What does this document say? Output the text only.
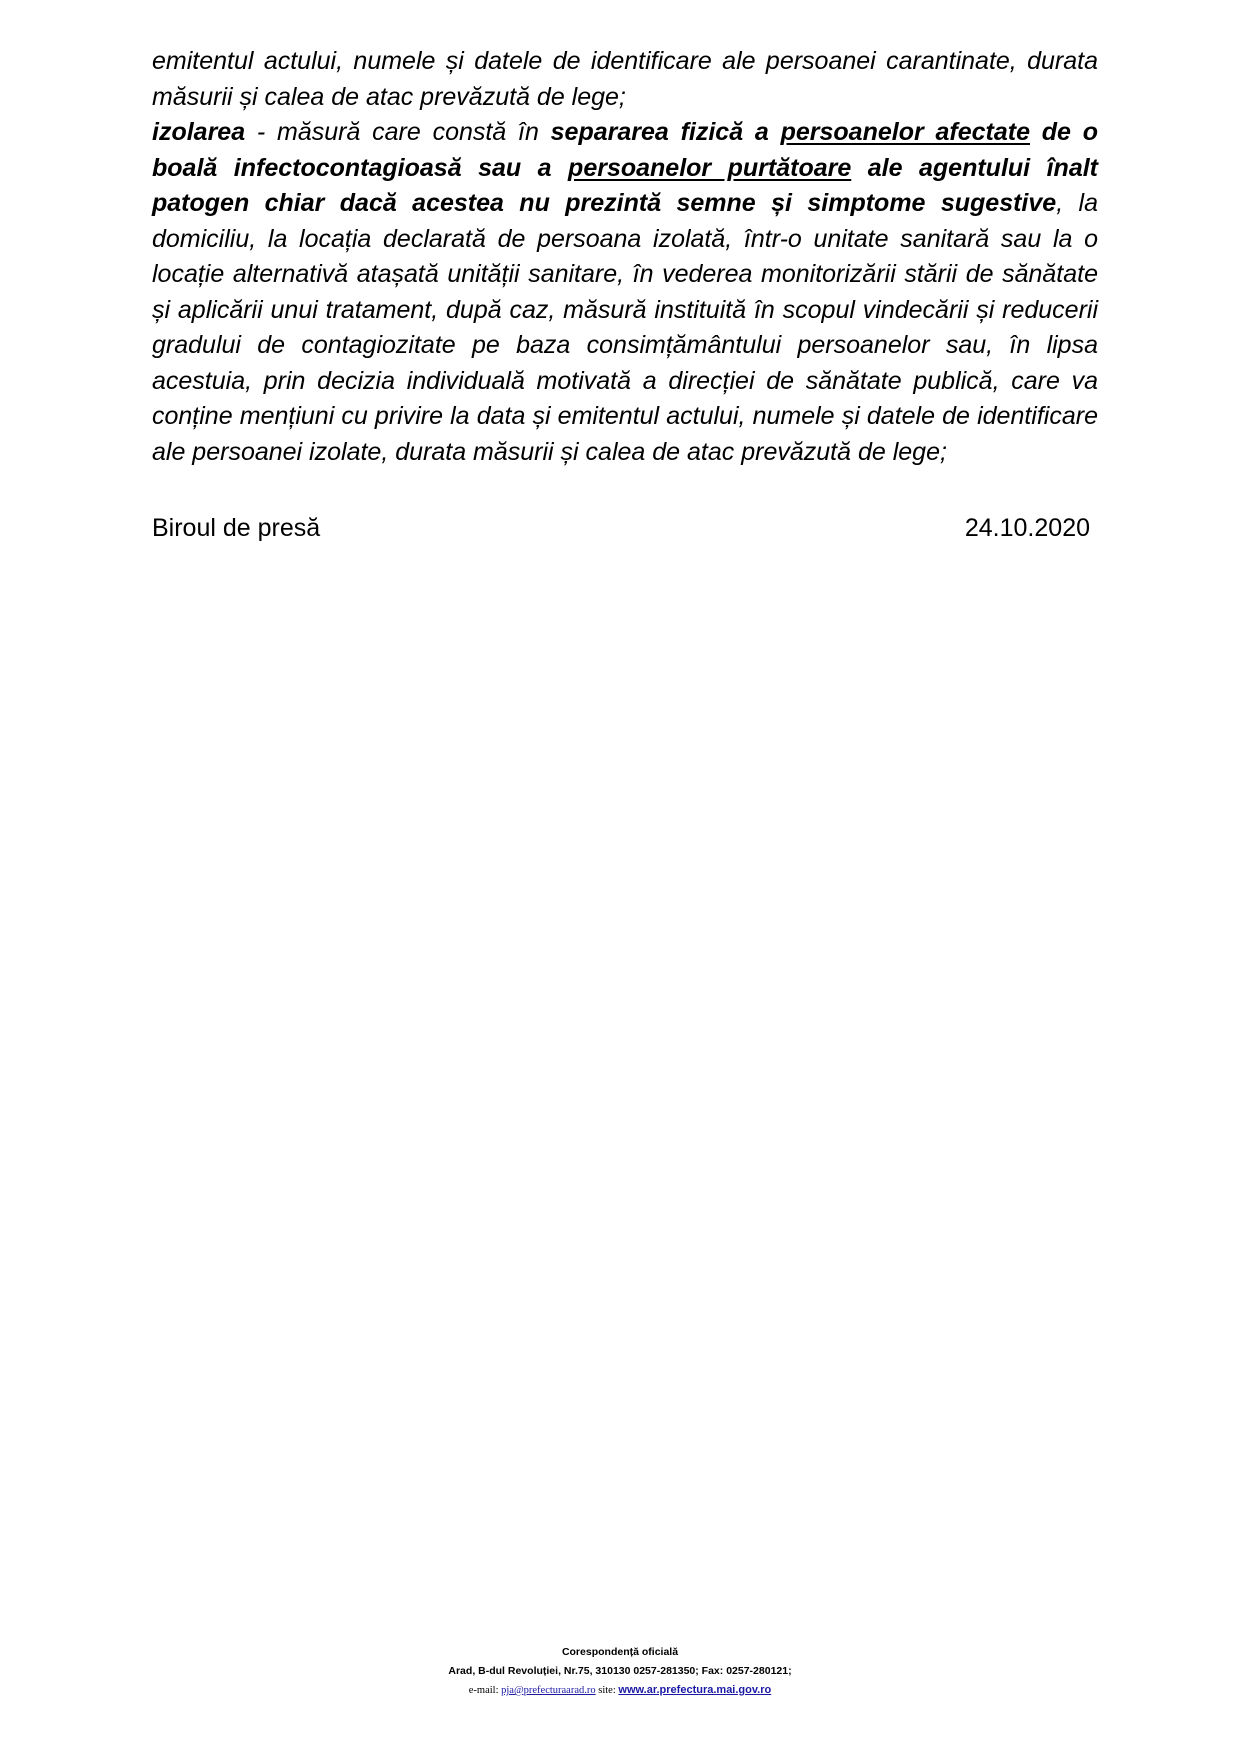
emitentul actului, numele și datele de identificare ale persoanei carantinate, durata măsurii și calea de atac prevăzută de lege;

izolarea - măsură care constă în separarea fizică a persoanelor afectate de o boală infectocontagioasă sau a persoanelor purtătoare ale agentului înalt patogen chiar dacă acestea nu prezintă semne și simptome sugestive, la domiciliu, la locația declarată de persoana izolată, într-o unitate sanitară sau la o locație alternativă atașată unității sanitare, în vederea monitorizării stării de sănătate și aplicării unui tratament, după caz, măsură instituită în scopul vindecării și reducerii gradului de contagiozitate pe baza consimțământului persoanelor sau, în lipsa acestuia, prin decizia individuală motivată a direcției de sănătate publică, care va conține mențiuni cu privire la data și emitentul actului, numele și datele de identificare ale persoanei izolate, durata măsurii și calea de atac prevăzută de lege;

Biroul de presă	24.10.2020
Corespondență oficială
Arad, B-dul Revoluției, Nr.75, 310130 0257-281350; Fax: 0257-280121;
e-mail: pja@prefecturaarad.ro site: www.ar.prefectura.mai.gov.ro
